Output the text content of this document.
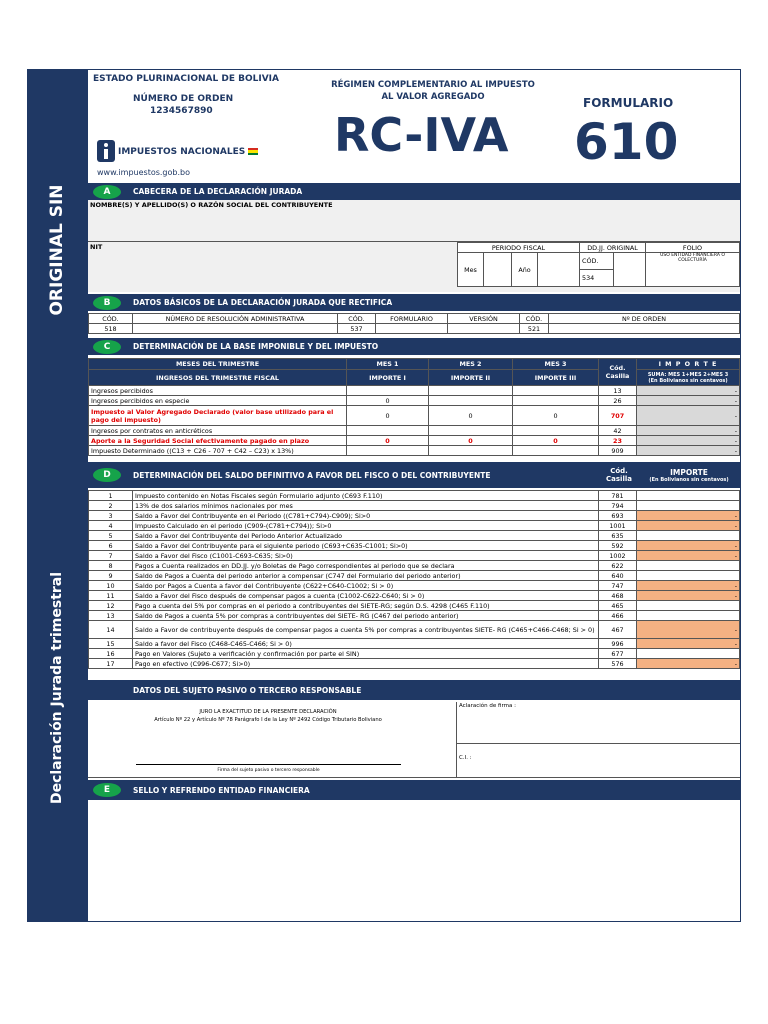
ORIGINAL SIN
Declaración Jurada trimestral
ESTADO PLURINACIONAL DE BOLIVIA
NÚMERO DE ORDEN
1234567890
IMPUESTOS NACIONALES
www.impuestos.gob.bo
RÉGIMEN COMPLEMENTARIO AL IMPUESTO
AL VALOR AGREGADO
RC-IVA
FORMULARIO
610
A	CABECERA DE LA DECLARACIÓN JURADA
NOMBRE(S) Y APELLIDO(S) O RAZÓN SOCIAL DEL CONTRIBUYENTE
NIT	PERIODO FISCAL				DD.JJ. ORIGINAL		FOLIO
Mes		Año		CÓD.		USO ENTIDAD FINANCIERA O COLECTURÍA
				534		
B	DATOS BÁSICOS DE LA DECLARACIÓN JURADA QUE RECTIFICA
CÓD.	NÚMERO DE RESOLUCIÓN ADMINISTRATIVA	CÓD.	FORMULARIO	VERSIÓN	CÓD.	Nº DE ORDEN
518		537			521	
C	DETERMINACIÓN DE LA BASE IMPONIBLE Y DEL IMPUESTO
MESES DEL TRIMESTRE	MES 1	MES 2	MES 3	Cód. Casilla	I M P O R T E
INGRESOS DEL TRIMESTRE FISCAL	IMPORTE I	IMPORTE II	IMPORTE III		SUMA: MES 1+MES 2+MES 3
(En Bolivianos sin centavos)

Ingresos percibidos				13	-
Ingresos percibidos en especie	0			26	-
Impuesto al Valor Agregado Declarado (valor base utilizado para el pago del impuesto)	0	0	0	707	-
Ingresos por contratos en anticréticos				42	-
Aporte a la Seguridad Social efectivamente pagado en plazo	0	0	0	23	-
Impuesto Determinado ((C13 + C26 - 707 + C42 – C23) x 13%)				909	-
D	DETERMINACIÓN DEL SALDO DEFINITIVO A FAVOR DEL FISCO O DEL CONTRIBUYENTE	Cód. Casilla
IMPORTE
(En Bolivianos sin centavos)
1	Impuesto contenido en Notas Fiscales según Formulario adjunto (C693 F.110)	781	
2	13% de dos salarios mínimos nacionales por mes	794	
3	Saldo a Favor del Contribuyente en el Periodo ((C781+C794)-C909); Si>0	693	-
4	Impuesto Calculado en el periodo (C909-(C781+C794)); Si>0	1001	-
5	Saldo a Favor del Contribuyente del Periodo Anterior Actualizado	635	
6	Saldo a Favor del Contribuyente para el siguiente periodo (C693+C635-C1001; Si>0)	592	-
7	Saldo a Favor del Fisco (C1001-C693-C635; Si>0)	1002	-
8	Pagos a Cuenta realizados en DD.JJ. y/o Boletas de Pago correspondientes al periodo que se declara	622	
9	Saldo de Pagos a Cuenta del periodo anterior a compensar (C747 del Formulario del periodo anterior)	640	
10	Saldo por Pagos a Cuenta a favor del Contribuyente (C622+C640-C1002; Si > 0)	747	-
11	Saldo a Favor del Fisco después de compensar pagos a cuenta (C1002-C622-C640; Si > 0)	468	-
12	Pago a cuenta del 5% por compras en el periodo a contribuyentes del SIETE-RG; según D.S. 4298 (C465 F.110)	465	
13	Saldo de Pagos a cuenta 5% por compras a contribuyentes del SIETE- RG (C467 del periodo anterior)	466	
14	Saldo a Favor de contribuyente después de compensar pagos a cuenta 5% por compras a contribuyentes SIETE- RG (C465+C466-C468; Si > 0)	467	-
15	Saldo a favor del Fisco (C468-C465-C466; Si > 0)	996	-
16	Pago en Valores (Sujeto a verificación y confirmación por parte el SIN)	677	
17	Pago en efectivo (C996-C677; Si>0)	576	-
DATOS DEL SUJETO PASIVO O TERCERO RESPONSABLE
JURO LA EXACTITUD DE LA PRESENTE DECLARACIÓN
Artículo Nº 22 y Artículo Nº 78 Parágrafo I de la Ley Nº 2492 Código Tributario Boliviano
Firma del sujeto pasivo o tercero responsable
Aclaración de firma :
C.I. :
E	SELLO Y REFRENDO ENTIDAD FINANCIERA
